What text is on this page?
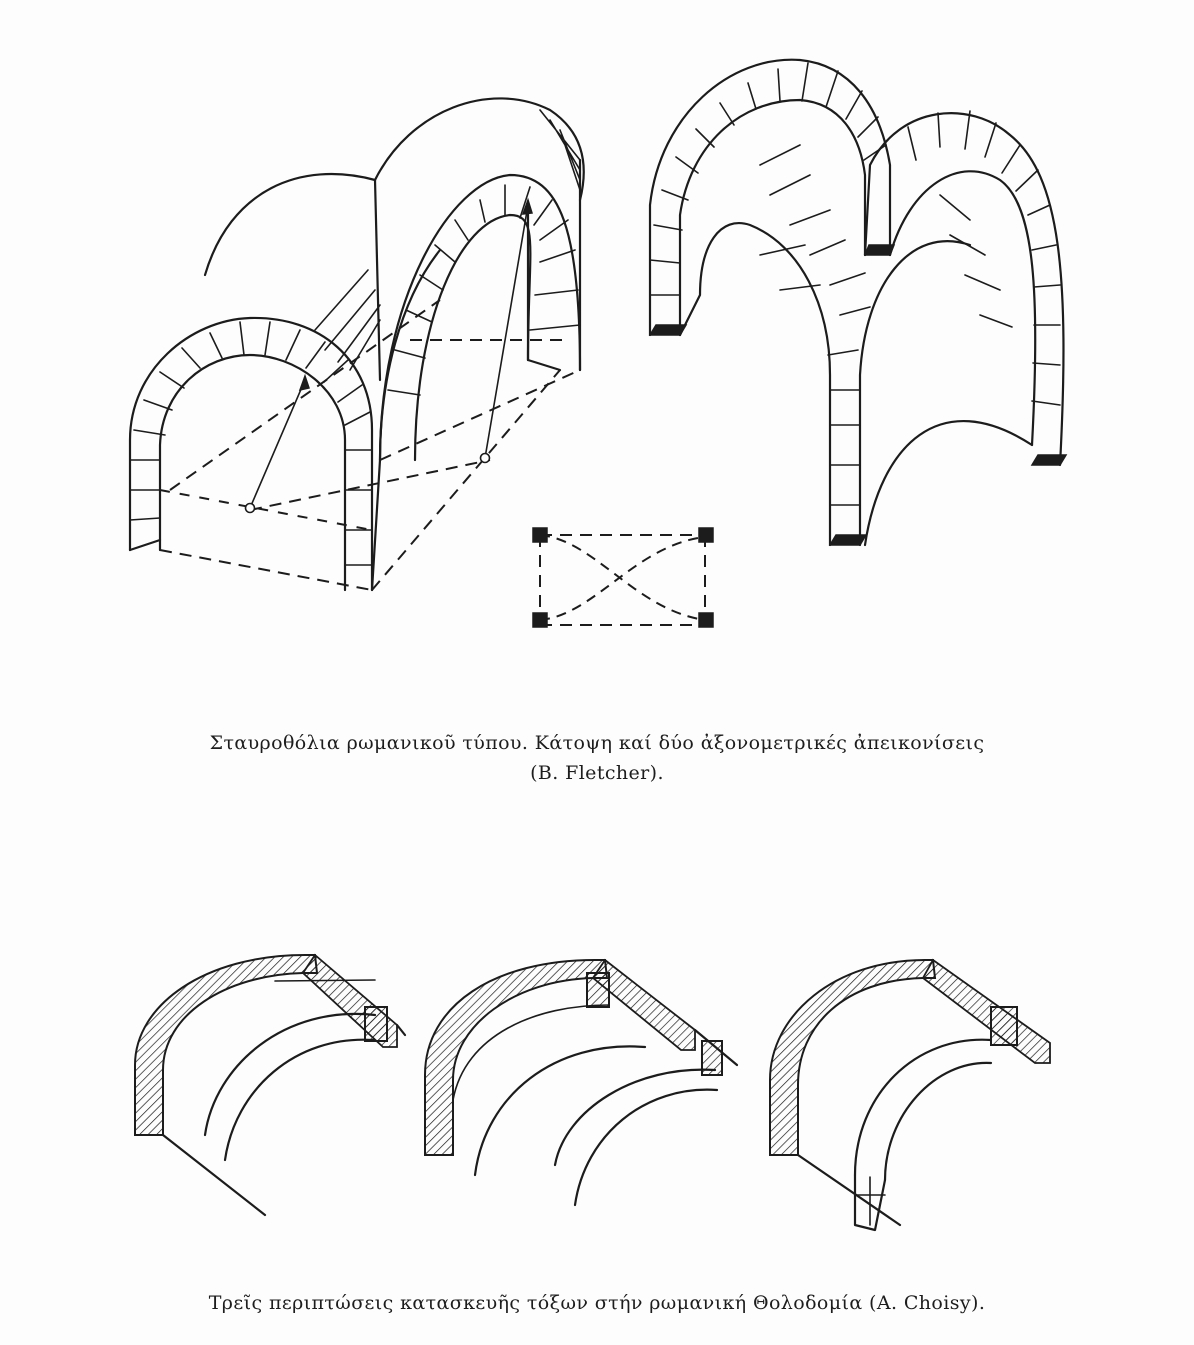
Σταυροθόλια ρωμανικοῦ τύπου. Κάτοψη καί δύο ἀξονομετρικές ἀπεικονίσεις
(B. Fletcher).
Τρεῖς περιπτώσεις κατασκευῆς τόξων στήν ρωμανική Θολοδομία (A. Choisy).
